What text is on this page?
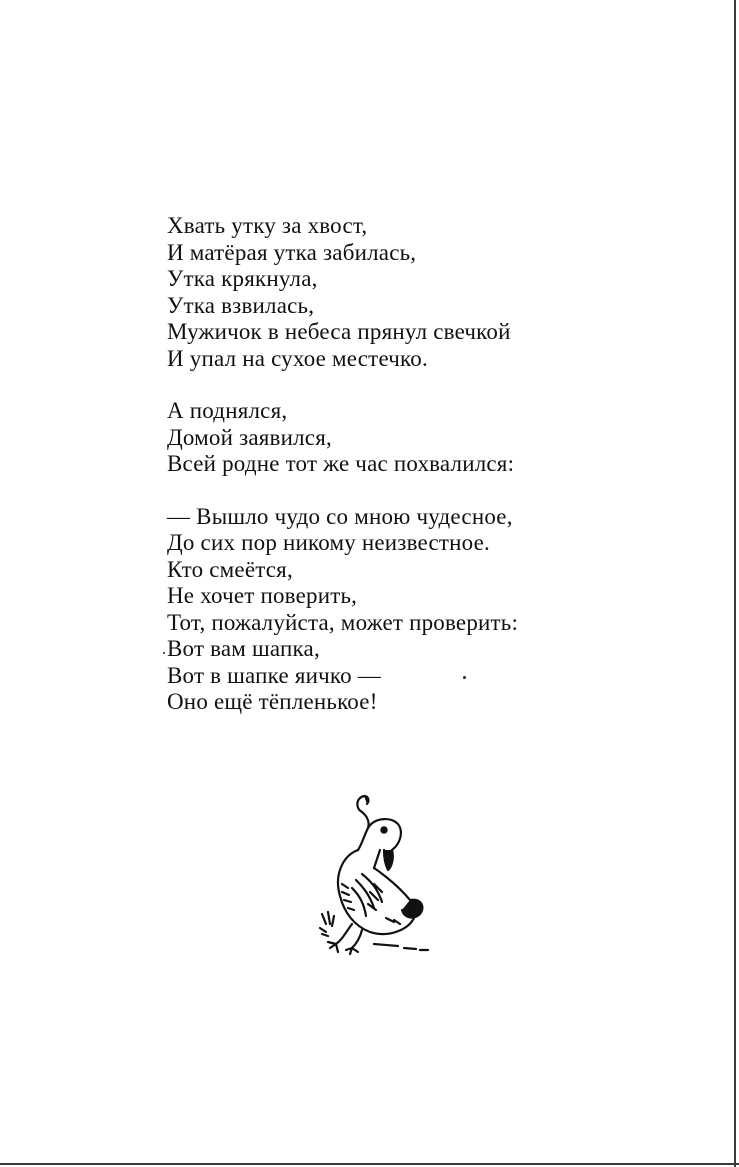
Хвать утку за хвост,
И матёрая утка забилась,
Утка крякнула,
Утка взвилась,
Мужичок в небеса прянул свечкой
И упал на сухое местечко.
А поднялся,
Домой заявился,
Всей родне тот же час похвалился:
— Вышло чудо со мною чудесное,
До сих пор никому неизвестное.
Кто смеётся,
Не хочет поверить,
Тот, пожалуйста, может проверить:
Вот вам шапка,
Вот в шапке яичко —
Оно ещё тёпленькое!
